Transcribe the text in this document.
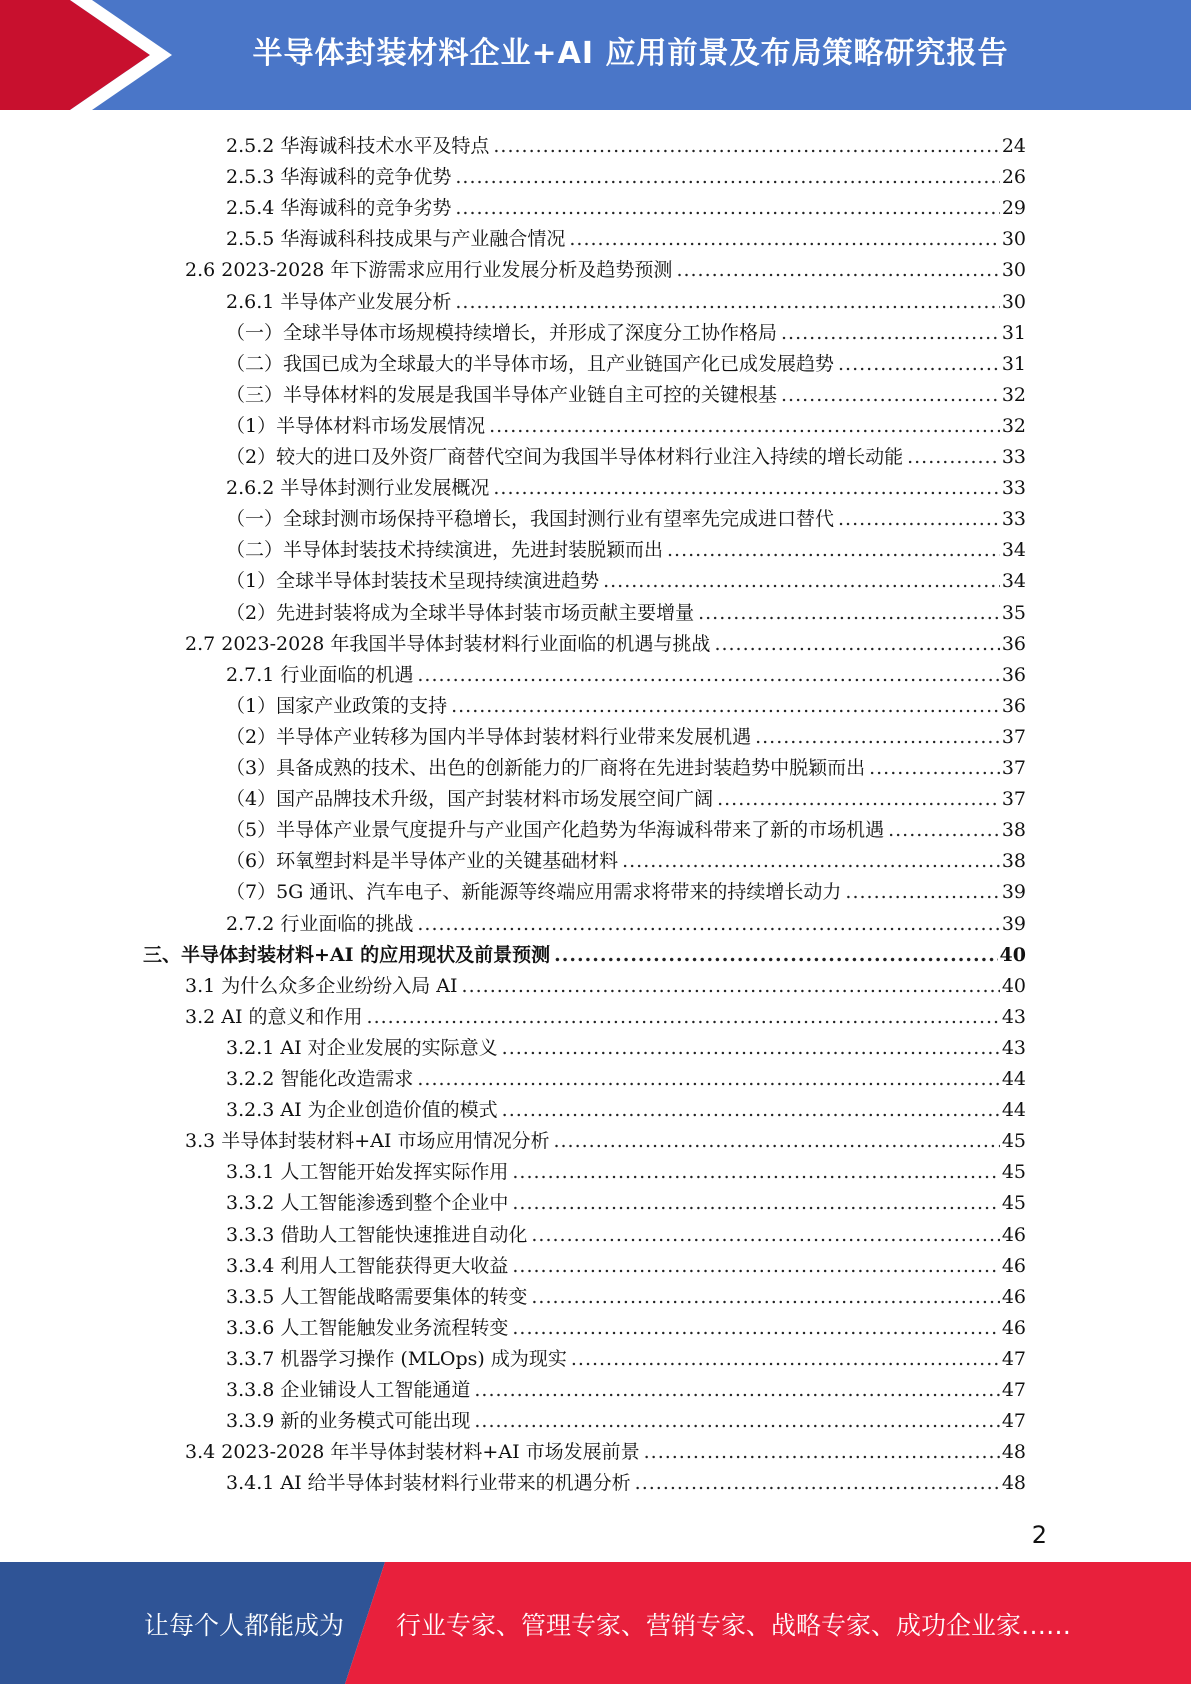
半导体封装材料企业+AI 应用前景及布局策略研究报告
2.5.2 华海诚科技术水平及特点 .....	24
2.5.3 华海诚科的竞争优势 .....	26
2.5.4 华海诚科的竞争劣势 .....	29
2.5.5 华海诚科科技成果与产业融合情况 .....	30
2.6 2023-2028 年下游需求应用行业发展分析及趋势预测 .....	30
2.6.1 半导体产业发展分析 .....	30
（一）全球半导体市场规模持续增长，并形成了深度分工协作格局 .....	31
（二）我国已成为全球最大的半导体市场，且产业链国产化已成发展趋势 .....	31
（三）半导体材料的发展是我国半导体产业链自主可控的关键根基 .....	32
（1）半导体材料市场发展情况 .....	32
（2）较大的进口及外资厂商替代空间为我国半导体材料行业注入持续的增长动能 .....	33
2.6.2 半导体封测行业发展概况 .....	33
（一）全球封测市场保持平稳增长，我国封测行业有望率先完成进口替代 .....	33
（二）半导体封装技术持续演进，先进封装脱颖而出 .....	34
（1）全球半导体封装技术呈现持续演进趋势 .....	34
（2）先进封装将成为全球半导体封装市场贡献主要增量 .....	35
2.7 2023-2028 年我国半导体封装材料行业面临的机遇与挑战 .....	36
2.7.1 行业面临的机遇 .....	36
（1）国家产业政策的支持 .....	36
（2）半导体产业转移为国内半导体封装材料行业带来发展机遇 .....	37
（3）具备成熟的技术、出色的创新能力的厂商将在先进封装趋势中脱颖而出 .....	37
（4）国产品牌技术升级，国产封装材料市场发展空间广阔 .....	37
（5）半导体产业景气度提升与产业国产化趋势为华海诚科带来了新的市场机遇 .....	38
（6）环氧塑封料是半导体产业的关键基础材料 .....	38
（7）5G 通讯、汽车电子、新能源等终端应用需求将带来的持续增长动力 .....	39
2.7.2 行业面临的挑战 .....	39
三、半导体封装材料+AI 的应用现状及前景预测 .....	40
3.1 为什么众多企业纷纷入局 AI .....	40
3.2 AI 的意义和作用 .....	43
3.2.1 AI 对企业发展的实际意义 .....	43
3.2.2 智能化改造需求 .....	44
3.2.3 AI 为企业创造价值的模式 .....	44
3.3 半导体封装材料+AI 市场应用情况分析 .....	45
3.3.1 人工智能开始发挥实际作用 .....	45
3.3.2 人工智能渗透到整个企业中 .....	45
3.3.3 借助人工智能快速推进自动化 .....	46
3.3.4 利用人工智能获得更大收益 .....	46
3.3.5 人工智能战略需要集体的转变 .....	46
3.3.6 人工智能触发业务流程转变 .....	46
3.3.7 机器学习操作 (MLOps) 成为现实 .....	47
3.3.8 企业铺设人工智能通道 .....	47
3.3.9 新的业务模式可能出现 .....	47
3.4 2023-2028 年半导体封装材料+AI 市场发展前景 .....	48
3.4.1 AI 给半导体封装材料行业带来的机遇分析 .....	48
2
让每个人都能成为 行业专家、管理专家、营销专家、战略专家、成功企业家……
